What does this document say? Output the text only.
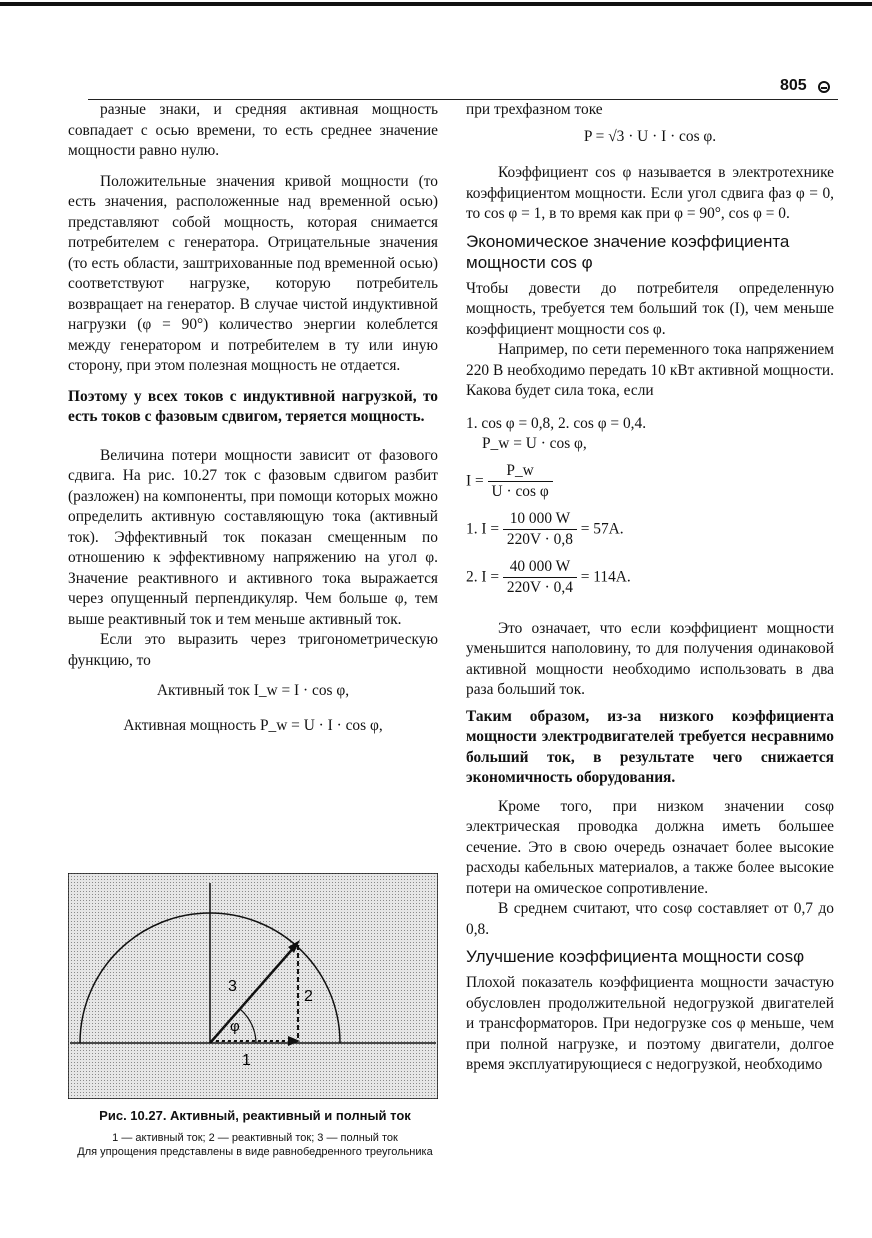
805

разные знаки, и средняя активная мощность совпадает с осью времени, то есть среднее значение мощности равно нулю.

Положительные значения кривой мощности (то есть значения, расположенные над временной осью) представляют собой мощность, которая снимается потребителем с генератора. Отрицательные значения (то есть области, заштрихованные под временной осью) соответствуют нагрузке, которую потребитель возвращает на генератор. В случае чистой индуктивной нагрузки (φ = 90°) количество энергии колеблется между генератором и потребителем в ту или иную сторону, при этом полезная мощность не отдается.

Поэтому у всех токов с индуктивной нагрузкой, то есть токов с фазовым сдвигом, теряется мощность.

Величина потери мощности зависит от фазового сдвига. На рис. 10.27 ток с фазовым сдвигом разбит (разложен) на компоненты, при помощи которых можно определить активную составляющую тока (активный ток). Эффективный ток показан смещенным по отношению к эффективному напряжению на угол φ. Значение реактивного и активного тока выражается через опущенный перпендикуляр. Чем больше φ, тем выше реактивный ток и тем меньше активный ток.

Если это выразить через тригонометрическую функцию, то

Активный ток I_w = I · cos φ,

Активная мощность P_w = U · I · cos φ,

3
2
1
φ
Рис. 10.27. Активный, реактивный и полный ток
1 — активный ток; 2 — реактивный ток; 3 — полный ток
Для упрощения представлены в виде равнобедренного треугольника

при трехфазном токе

P = √3 · U · I · cos φ.

Коэффициент cos φ называется в электротехнике коэффициентом мощности. Если угол сдвига фаз φ = 0, то cos φ = 1, в то время как при φ = 90°, cos φ = 0.

Экономическое значение коэффициента мощности cos φ

Чтобы довести до потребителя определенную мощность, требуется тем больший ток (I), чем меньше коэффициент мощности cos φ.

Например, по сети переменного тока напряжением 220 В необходимо передать 10 кВт активной мощности. Какова будет сила тока, если

1. cos φ = 0,8, 2. cos φ = 0,4.

P_w = U · cos φ,

$I = \frac{P\_w}{\text{U · cos φ}}$
1. $I = \frac{10 000 W}{220V \cdot 0,8} = 57A$.
2. $I = \frac{40 000 W}{220V \cdot 0,4} = 114A$.

Это означает, что если коэффициент мощности уменьшится наполовину, то для получения одинаковой активной мощности необходимо использовать в два раза больший ток.

Таким образом, из-за низкого коэффициента мощности электродвигателей требуется несравнимо больший ток, в результате чего снижается экономичность оборудования.

Кроме того, при низком значении cosφ электрическая проводка должна иметь большее сечение. Это в свою очередь означает более высокие расходы кабельных материалов, а также более высокие потери на омическое сопротивление.

В среднем считают, что cosφ составляет от 0,7 до 0,8.

Улучшение коэффициента мощности cosφ

Плохой показатель коэффициента мощности зачастую обусловлен продолжительной недогрузкой двигателей и трансформаторов. При недогрузке cos φ меньше, чем при полной нагрузке, и поэтому двигатели, долгое время эксплуатирующиеся с недогрузкой, необходимо
